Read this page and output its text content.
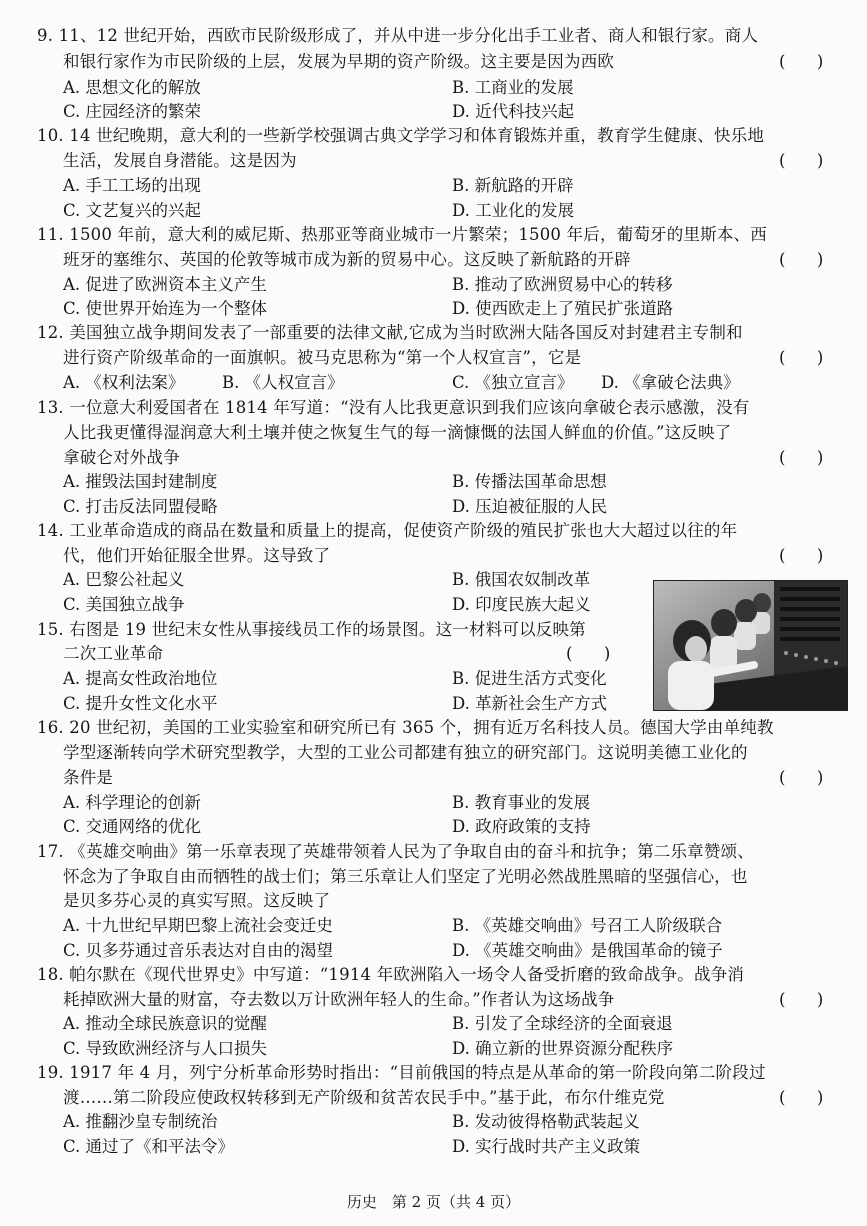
9. 11、12 世纪开始，西欧市民阶级形成了，并从中进一步分化出手工业者、商人和银行家。商人
和银行家作为市民阶级的上层，发展为早期的资产阶级。这主要是因为西欧	(      )
A. 思想文化的解放	B. 工商业的发展
C. 庄园经济的繁荣	D. 近代科技兴起
10. 14 世纪晚期，意大利的一些新学校强调古典文学学习和体育锻炼并重，教育学生健康、快乐地
生活，发展自身潜能。这是因为	(      )
A. 手工工场的出现	B. 新航路的开辟
C. 文艺复兴的兴起	D. 工业化的发展
11. 1500 年前，意大利的威尼斯、热那亚等商业城市一片繁荣；1500 年后，葡萄牙的里斯本、西
班牙的塞维尔、英国的伦敦等城市成为新的贸易中心。这反映了新航路的开辟	(      )
A. 促进了欧洲资本主义产生	B. 推动了欧洲贸易中心的转移
C. 使世界开始连为一个整体	D. 使西欧走上了殖民扩张道路
12. 美国独立战争期间发表了一部重要的法律文献,它成为当时欧洲大陆各国反对封建君主专制和
进行资产阶级革命的一面旗帜。被马克思称为“第一个人权宣言”，它是	(      )
A. 《权利法案》 B. 《人权宣言》	C. 《独立宣言》 D. 《拿破仑法典》
13. 一位意大利爱国者在 1814 年写道：“没有人比我更意识到我们应该向拿破仑表示感激，没有
人比我更懂得湿润意大利土壤并使之恢复生气的每一滴慷慨的法国人鲜血的价值。”这反映了
拿破仑对外战争	(      )
A. 摧毁法国封建制度	B. 传播法国革命思想
C. 打击反法同盟侵略	D. 压迫被征服的人民
14. 工业革命造成的商品在数量和质量上的提高，促使资产阶级的殖民扩张也大大超过以往的年
代，他们开始征服全世界。这导致了	(      )
A. 巴黎公社起义	B. 俄国农奴制改革
C. 美国独立战争	D. 印度民族大起义
15. 右图是 19 世纪末女性从事接线员工作的场景图。这一材料可以反映第
二次工业革命	(      )
A. 提高女性政治地位	B. 促进生活方式变化
C. 提升女性文化水平	D. 革新社会生产方式
16. 20 世纪初，美国的工业实验室和研究所已有 365 个，拥有近万名科技人员。德国大学由单纯教
学型逐渐转向学术研究型教学，大型的工业公司都建有独立的研究部门。这说明美德工业化的
条件是	(      )
A. 科学理论的创新	B. 教育事业的发展
C. 交通网络的优化	D. 政府政策的支持
17. 《英雄交响曲》第一乐章表现了英雄带领着人民为了争取自由的奋斗和抗争；第二乐章赞颂、
怀念为了争取自由而牺牲的战士们；第三乐章让人们坚定了光明必然战胜黑暗的坚强信心，也
是贝多芬心灵的真实写照。这反映了
A. 十九世纪早期巴黎上流社会变迁史	B. 《英雄交响曲》号召工人阶级联合
C. 贝多芬通过音乐表达对自由的渴望	D. 《英雄交响曲》是俄国革命的镜子
18. 帕尔默在《现代世界史》中写道：“1914 年欧洲陷入一场令人备受折磨的致命战争。战争消
耗掉欧洲大量的财富，夺去数以万计欧洲年轻人的生命。”作者认为这场战争	(      )
A. 推动全球民族意识的觉醒	B. 引发了全球经济的全面衰退
C. 导致欧洲经济与人口损失	D. 确立新的世界资源分配秩序
19. 1917 年 4 月，列宁分析革命形势时指出：“目前俄国的特点是从革命的第一阶段向第二阶段过
渡……第二阶段应使政权转移到无产阶级和贫苦农民手中。”基于此，布尔什维克党	(      )
A. 推翻沙皇专制统治	B. 发动彼得格勒武装起义
C. 通过了《和平法令》	D. 实行战时共产主义政策
历史　第 2 页（共 4 页）
